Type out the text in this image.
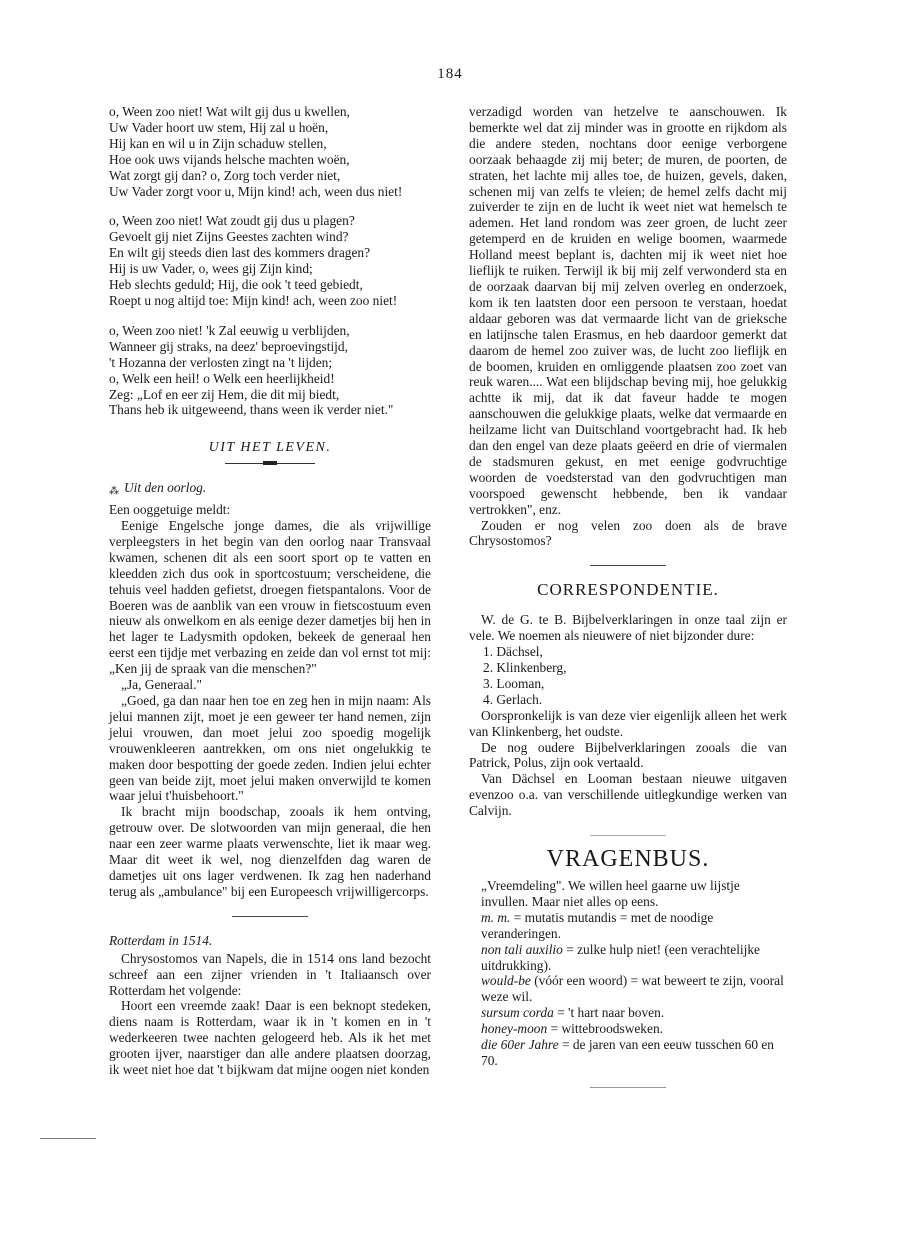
184
o, Ween zoo niet! Wat wilt gij dus u kwellen,
Uw Vader hoort uw stem, Hij zal u hoën,
Hij kan en wil u in Zijn schaduw stellen,
Hoe ook uws vijands helsche machten woën,
Wat zorgt gij dan? o, Zorg toch verder niet,
Uw Vader zorgt voor u, Mijn kind! ach, ween dus niet!
o, Ween zoo niet! Wat zoudt gij dus u plagen?
Gevoelt gij niet Zijns Geestes zachten wind?
En wilt gij steeds dien last des kommers dragen?
Hij is uw Vader, o, wees gij Zijn kind;
Heb slechts geduld; Hij, die ook 't teed gebiedt,
Roept u nog altijd toe: Mijn kind! ach, ween zoo niet!
o, Ween zoo niet! 'k Zal eeuwig u verblijden,
Wanneer gij straks, na deez' beproevingstijd,
't Hozanna der verlosten zingt na 't lijden;
o, Welk een heil! o Welk een heerlijkheid!
Zeg: „Lof en eer zij Hem, die dit mij biedt,
Thans heb ik uitgeweend, thans ween ik verder niet."
UIT HET LEVEN.
⁂ Uit den oorlog.

Een ooggetuige meldt:

Eenige Engelsche jonge dames, die als vrijwillige verpleegsters in het begin van den oorlog naar Transvaal kwamen, schenen dit als een soort sport op te vatten en kleedden zich dus ook in sportcostuum; verscheidene, die tehuis veel hadden gefietst, droegen fietspantalons. Voor de Boeren was de aanblik van een vrouw in fietscostuum even nieuw als onwelkom en als eenige dezer dametjes bij hen in het lager te Ladysmith opdoken, bekeek de generaal hen eerst een tijdje met verbazing en zeide dan vol ernst tot mij: „Ken jij de spraak van die menschen?"

„Ja, Generaal."

„Goed, ga dan naar hen toe en zeg hen in mijn naam: Als jelui mannen zijt, moet je een geweer ter hand nemen, zijn jelui vrouwen, dan moet jelui zoo spoedig mogelijk vrouwenkleeren aantrekken, om ons niet ongelukkig te maken door bespotting der goede zeden. Indien jelui echter geen van beide zijt, moet jelui maken onverwijld te komen waar jelui t'huisbehoort."

Ik bracht mijn boodschap, zooals ik hem ontving, getrouw over. De slotwoorden van mijn generaal, die hen naar een zeer warme plaats verwenschte, liet ik maar weg. Maar dit weet ik wel, nog dienzelfden dag waren de dametjes uit ons lager verdwenen. Ik zag hen naderhand terug als „ambulance" bij een Europeesch vrijwilligercorps.

Rotterdam in 1514.

Chrysostomos van Napels, die in 1514 ons land bezocht schreef aan een zijner vrienden in 't Italiaansch over Rotterdam het volgende:

Hoort een vreemde zaak! Daar is een beknopt stedeken, diens naam is Rotterdam, waar ik in 't komen en in 't wederkeeren twee nachten gelogeerd heb. Als ik het met grooten ijver, naarstiger dan alle andere plaatsen doorzag, ik weet niet hoe dat 't bijkwam dat mijne oogen niet konden

verzadigd worden van hetzelve te aanschouwen. Ik bemerkte wel dat zij minder was in grootte en rijkdom als die andere steden, nochtans door eenige verborgene oorzaak behaagde zij mij beter; de muren, de poorten, de straten, het lachte mij alles toe, de huizen, gevels, daken, schenen mij van zelfs te vleien; de hemel zelfs dacht mij zuiverder te zijn en de lucht ik weet niet wat hemelsch te ademen. Het land rondom was zeer groen, de lucht zeer getemperd en de kruiden en welige boomen, waarmede Holland meest beplant is, dachten mij ik weet niet hoe lieflijk te ruiken. Terwijl ik bij mij zelf verwonderd sta en de oorzaak daarvan bij mij zelven overleg en onderzoek, kom ik ten laatsten door een persoon te verstaan, hoedat aldaar geboren was dat vermaarde licht van de grieksche en latijnsche talen Erasmus, en heb daardoor gemerkt dat daarom de hemel zoo zuiver was, de lucht zoo lieflijk en de boomen, kruiden en omliggende plaatsen zoo zoet van reuk waren.... Wat een blijdschap beving mij, hoe gelukkig achtte ik mij, dat ik dat faveur hadde te mogen aanschouwen die gelukkige plaats, welke dat vermaarde en heilzame licht van Duitschland voortgebracht had. Ik heb dan den engel van deze plaats geëerd en drie of viermalen de stadsmuren gekust, en met eenige godvruchtige woorden de voedsterstad van den godvruchtigen man voorspoed gewenscht hebbende, ben ik vandaar vertrokken", enz.

Zouden er nog velen zoo doen als de brave Chrysostomos?

CORRESPONDENTIE.

W. de G. te B. Bijbelverklaringen in onze taal zijn er vele. We noemen als nieuwere of niet bijzonder dure:

1. Dächsel,
2. Klinkenberg,
3. Looman,
4. Gerlach.

Oorspronkelijk is van deze vier eigenlijk alleen het werk van Klinkenberg, het oudste.

De nog oudere Bijbelverklaringen zooals die van Patrick, Polus, zijn ook vertaald.

Van Dächsel en Looman bestaan nieuwe uitgaven evenzoo o.a. van verschillende uitlegkundige werken van Calvijn.

VRAGENBUS.

„Vreemdeling". We willen heel gaarne uw lijstje invullen. Maar niet alles op eens.

m. m. = mutatis mutandis = met de noodige veranderingen.

non tali auxilio = zulke hulp niet! (een verachtelijke uitdrukking).

would-be (vóór een woord) = wat beweert te zijn, vooral weze wil.

sursum corda = 't hart naar boven.

honey-moon = wittebroodsweken.

die 60er Jahre = de jaren van een eeuw tusschen 60 en 70.
